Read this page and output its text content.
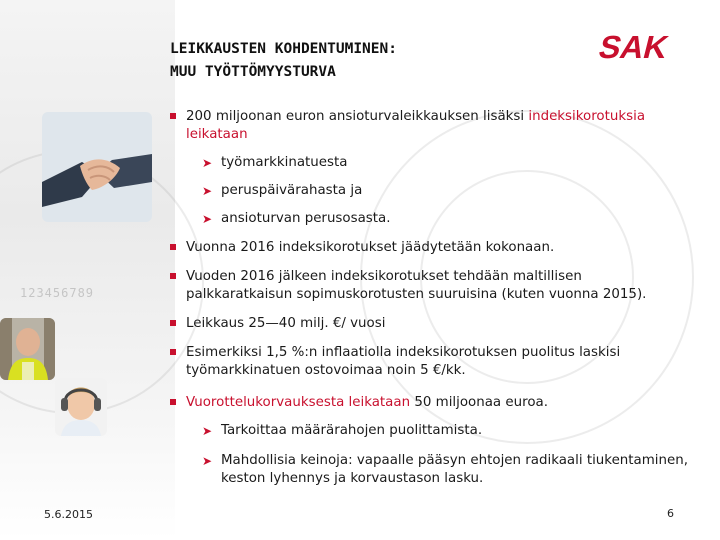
123456789
LEIKKAUSTEN KOHDENTUMINEN:
MUU TYÖTTÖMYYSTURVA
SAK
200 miljoonan euron ansioturvaleikkauksen lisäksi indeksikorotuksia leikataan
➤ työmarkkinatuesta
➤ peruspäivärahasta ja
➤ ansioturvan perusosasta.
Vuonna 2016 indeksikorotukset jäädytetään kokonaan.
Vuoden 2016 jälkeen indeksikorotukset tehdään maltillisen palkkaratkaisun sopimuskorotusten suuruisina (kuten vuonna 2015).
Leikkaus 25—40 milj. €/ vuosi
Esimerkiksi 1,5 %:n inflaatiolla indeksikorotuksen puolitus laskisi työmarkkinatuen ostovoimaa noin 5 €/kk.
Vuorottelukorvauksesta leikataan 50 miljoonaa euroa.
➤ Tarkoittaa määrärahojen puolittamista.
➤ Mahdollisia keinoja: vapaalle pääsyn ehtojen radikaali tiukentaminen, keston lyhennys ja korvaustason lasku.
5.6.2015	6
